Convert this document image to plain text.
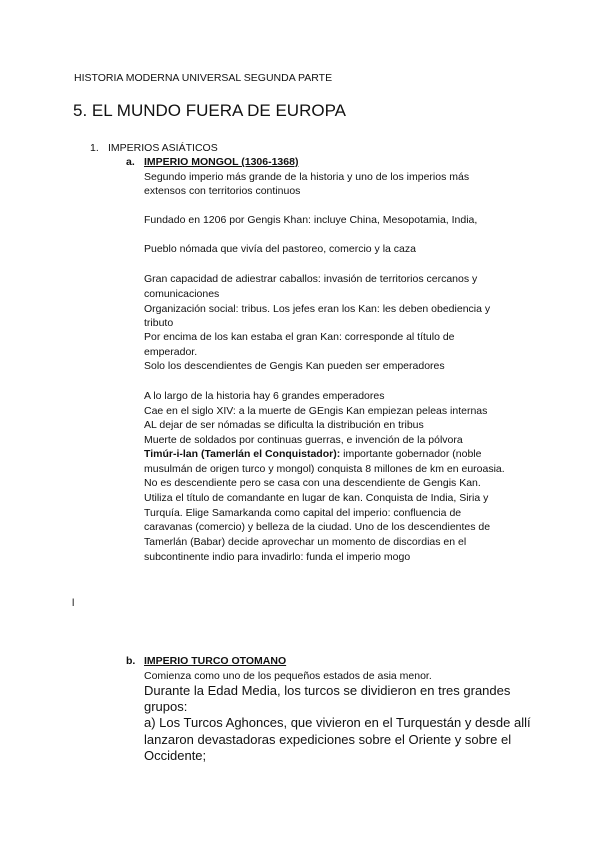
HISTORIA MODERNA UNIVERSAL SEGUNDA PARTE
5. EL MUNDO FUERA DE EUROPA
1. IMPERIOS ASIÁTICOS
a. IMPERIO MONGOL (1306-1368)
Segundo imperio más grande de la historia y uno de los imperios más
extensos con territorios continuos
Fundado en 1206 por Gengis Khan: incluye China, Mesopotamia, India,
Pueblo nómada que vivía del pastoreo, comercio y la caza
Gran capacidad de adiestrar caballos: invasión de territorios cercanos y
comunicaciones
Organización social: tribus. Los jefes eran los Kan: les deben obediencia y
tributo
Por encima de los kan estaba el gran Kan: corresponde al título de
emperador.
Solo los descendientes de Gengis Kan pueden ser emperadores
A lo largo de la historia hay 6 grandes emperadores
Cae en el siglo XIV: a la muerte de GEngis Kan empiezan peleas internas
AL dejar de ser nómadas se dificulta la distribución en tribus
Muerte de soldados por continuas guerras, e invención de la pólvora
Timúr-i-lan (Tamerlán el Conquistador): importante gobernador (noble
musulmán de origen turco y mongol) conquista 8 millones de km en euroasia.
No es descendiente pero se casa con una descendiente de Gengis Kan.
Utiliza el título de comandante en lugar de kan. Conquista de India, Siria y
Turquía. Elige Samarkanda como capital del imperio: confluencia de
caravanas (comercio) y belleza de la ciudad. Uno de los descendientes de
Tamerlán (Babar) decide aprovechar un momento de discordias en el
subcontinente indio para invadirlo: funda el imperio mogo
l
b. IMPERIO TURCO OTOMANO
Comienza como uno de los pequeños estados de asia menor.
Durante la Edad Media, los turcos se dividieron en tres grandes
grupos:
a) Los Turcos Aghonces, que vivieron en el Turquestán y desde allí
lanzaron devastadoras expediciones sobre el Oriente y sobre el
Occidente;
